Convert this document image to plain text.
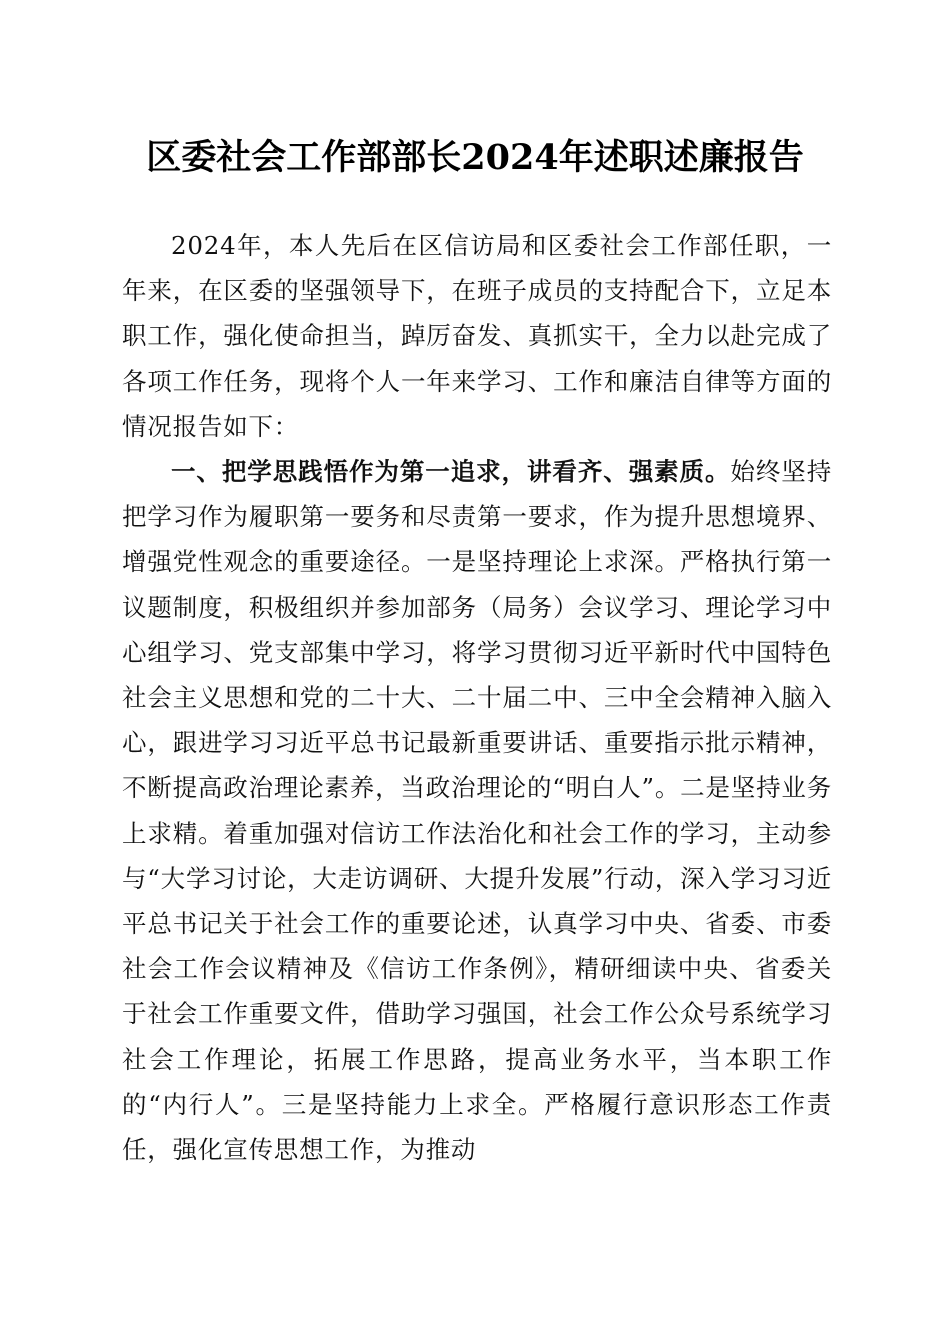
区委社会工作部部长2024年述职述廉报告

2024年，本人先后在区信访局和区委社会工作部任职，一年来，在区委的坚强领导下，在班子成员的支持配合下，立足本职工作，强化使命担当，踔厉奋发、真抓实干，全力以赴完成了各项工作任务，现将个人一年来学习、工作和廉洁自律等方面的情况报告如下：

一、把学思践悟作为第一追求，讲看齐、强素质。始终坚持把学习作为履职第一要务和尽责第一要求，作为提升思想境界、增强党性观念的重要途径。一是坚持理论上求深。严格执行第一议题制度，积极组织并参加部务（局务）会议学习、理论学习中心组学习、党支部集中学习，将学习贯彻习近平新时代中国特色社会主义思想和党的二十大、二十届二中、三中全会精神入脑入心，跟进学习习近平总书记最新重要讲话、重要指示批示精神，不断提高政治理论素养，当政治理论的“明白人”。二是坚持业务上求精。着重加强对信访工作法治化和社会工作的学习，主动参与“大学习讨论，大走访调研、大提升发展”行动，深入学习习近平总书记关于社会工作的重要论述，认真学习中央、省委、市委社会工作会议精神及《信访工作条例》，精研细读中央、省委关于社会工作重要文件，借助学习强国，社会工作公众号系统学习社会工作理论，拓展工作思路，提高业务水平，当本职工作的“内行人”。三是坚持能力上求全。严格履行意识形态工作责任，强化宣传思想工作，为推动
